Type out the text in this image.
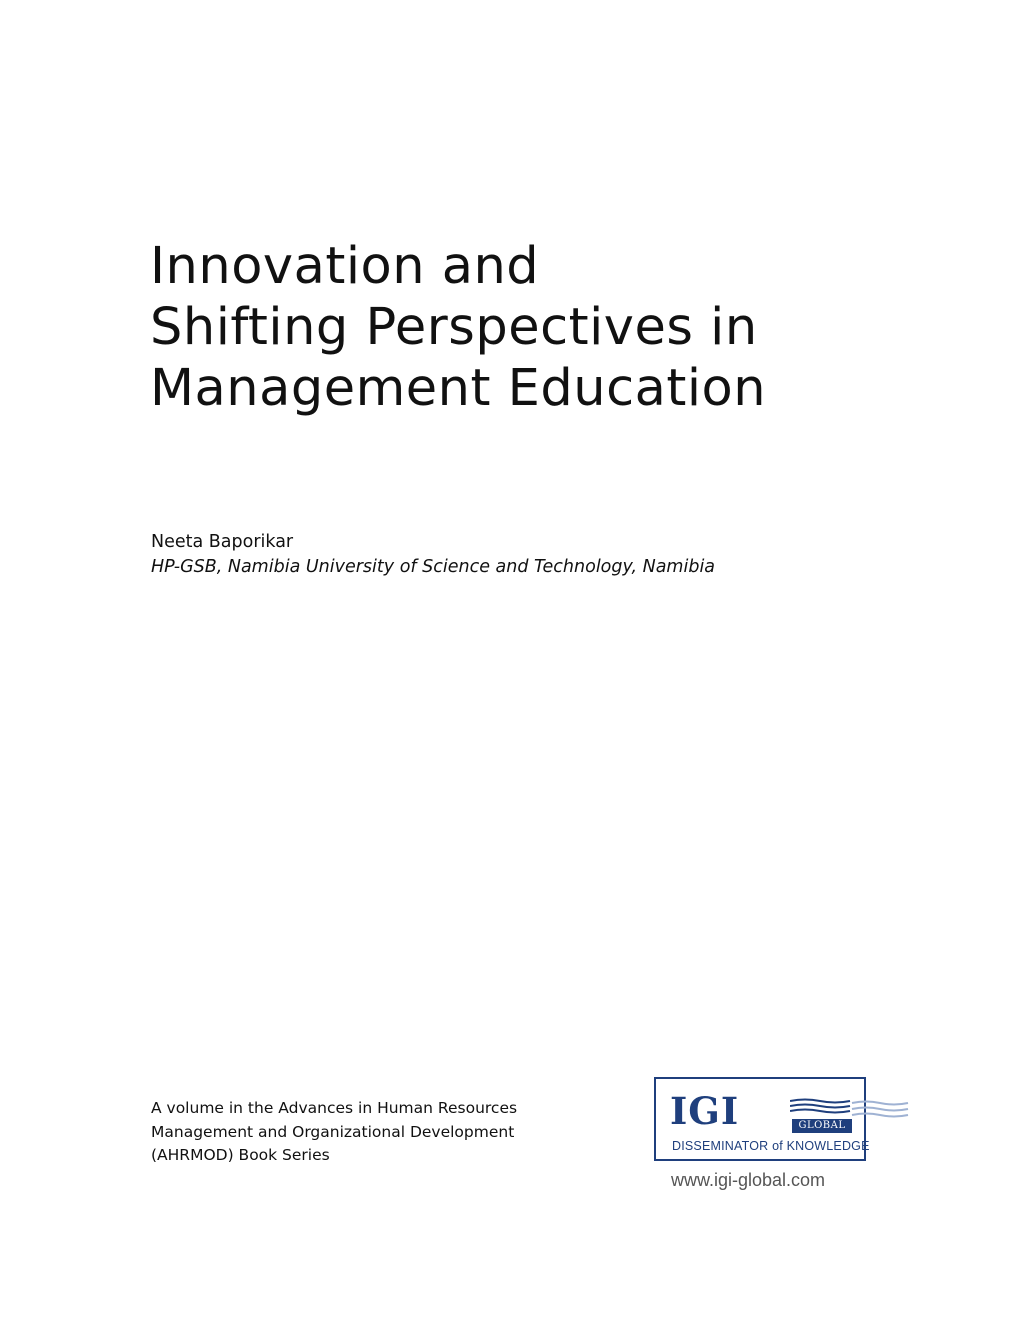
Innovation and
Shifting Perspectives in
Management Education
Neeta Baporikar
HP-GSB, Namibia University of Science and Technology, Namibia
A volume in the Advances in Human Resources
Management and Organizational Development
(AHRMOD) Book Series
IGI	GLOBAL
DISSEMINATOR of KNOWLEDGE
www.igi-global.com
